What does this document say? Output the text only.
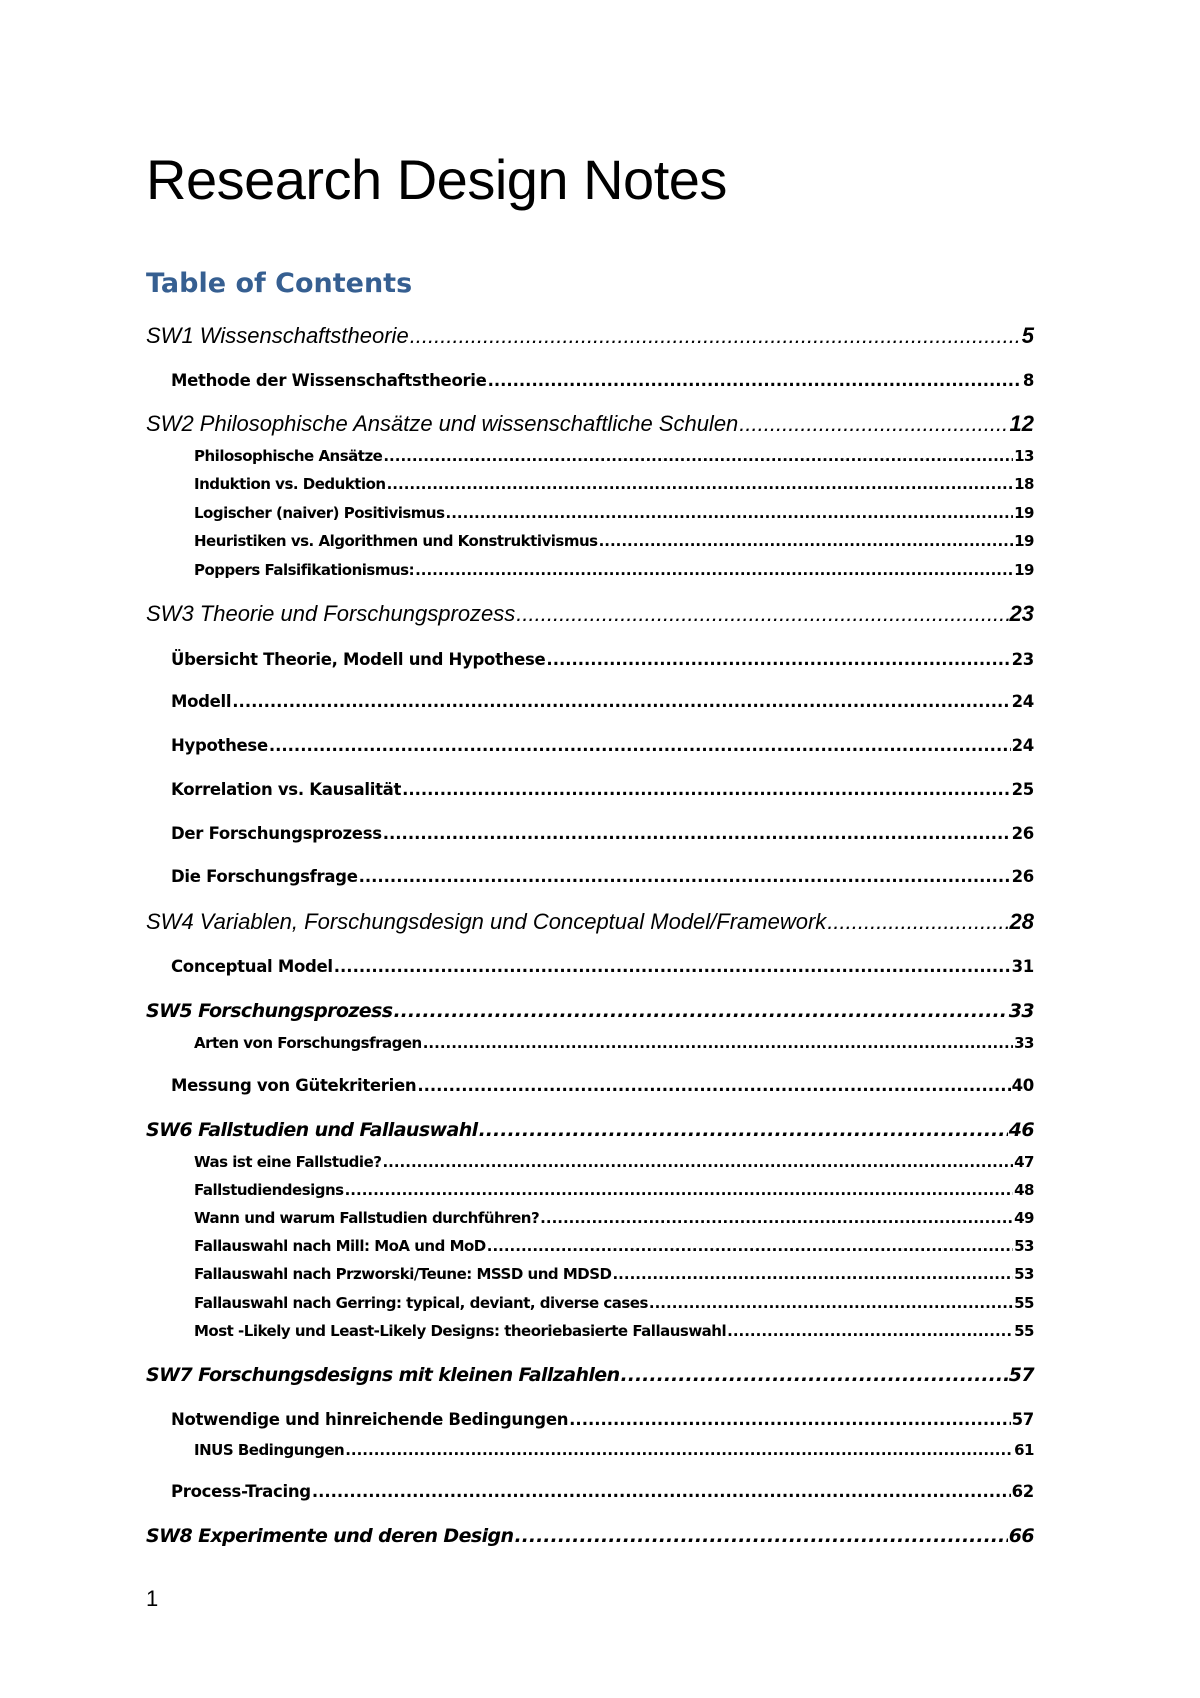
Research Design Notes
Table of Contents
SW1 Wissenschaftstheorie .....	5
Methode der Wissenschaftstheorie .....	8
SW2 Philosophische Ansätze und wissenschaftliche Schulen .....	12
Philosophische Ansätze .....	13
Induktion vs. Deduktion .....	18
Logischer (naiver) Positivismus .....	19
Heuristiken vs. Algorithmen und Konstruktivismus .....	19
Poppers Falsifikationismus: .....	19
SW3 Theorie und Forschungsprozess .....	23
Übersicht Theorie, Modell und Hypothese .....	23
Modell .....	24
Hypothese .....	24
Korrelation vs. Kausalität .....	25
Der Forschungsprozess .....	26
Die Forschungsfrage .....	26
SW4 Variablen, Forschungsdesign und Conceptual Model/Framework .....	28
Conceptual Model .....	31
SW5 Forschungsprozess .....	33
Arten von Forschungsfragen .....	33
Messung von Gütekriterien .....	40
SW6 Fallstudien und Fallauswahl .....	46
Was ist eine Fallstudie? .....	47
Fallstudiendesigns .....	48
Wann und warum Fallstudien durchführen? .....	49
Fallauswahl nach Mill: MoA und MoD .....	53
Fallauswahl nach Przworski/Teune: MSSD und MDSD .....	53
Fallauswahl nach Gerring: typical, deviant, diverse cases .....	55
Most -Likely und Least-Likely Designs: theoriebasierte Fallauswahl .....	55
SW7 Forschungsdesigns mit kleinen Fallzahlen .....	57
Notwendige und hinreichende Bedingungen .....	57
INUS Bedingungen .....	61
Process-Tracing .....	62
SW8 Experimente und deren Design .....	66
1
